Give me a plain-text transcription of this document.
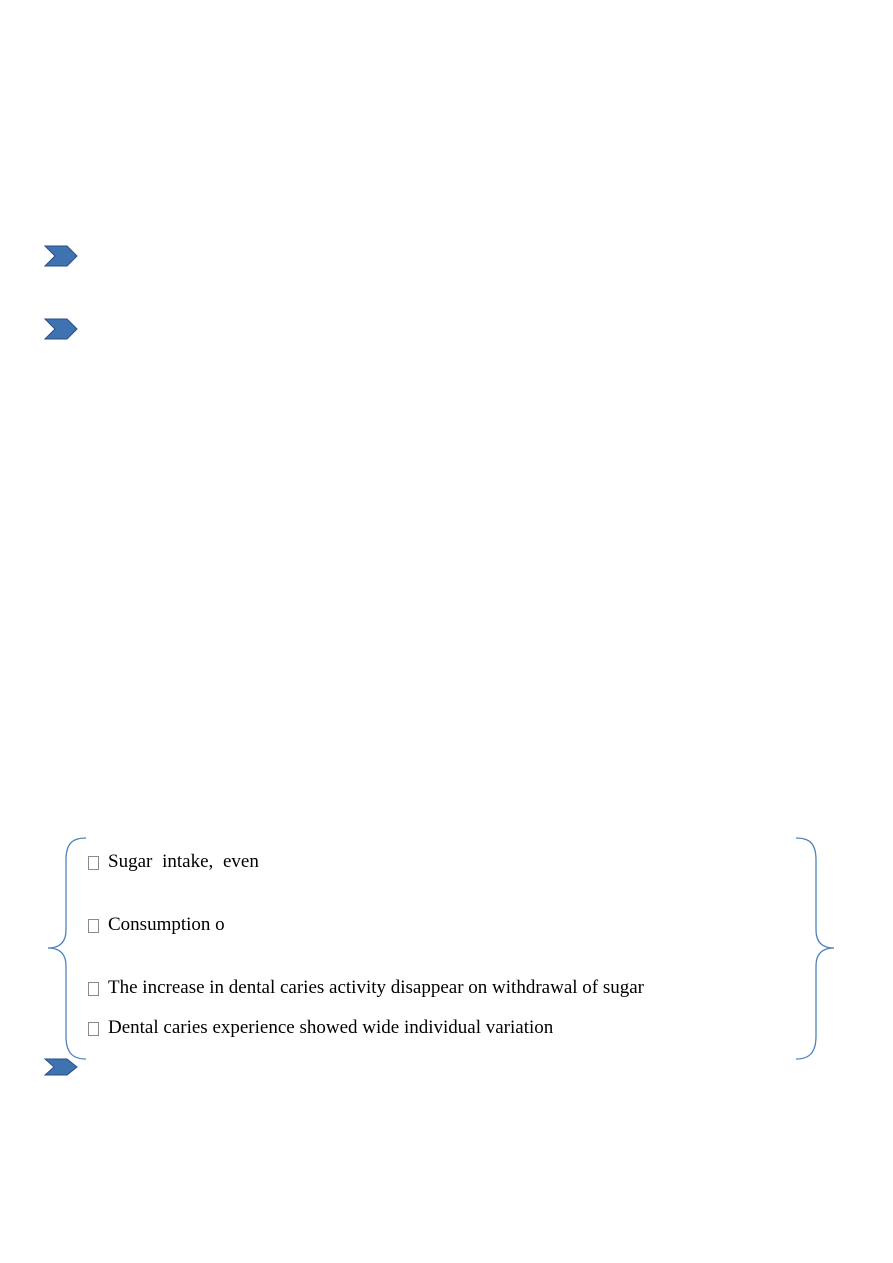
Sugar intake, even
Consumption o
The increase in dental caries activity disappear on withdrawal of sugar
Dental caries experience showed wide individual variation
